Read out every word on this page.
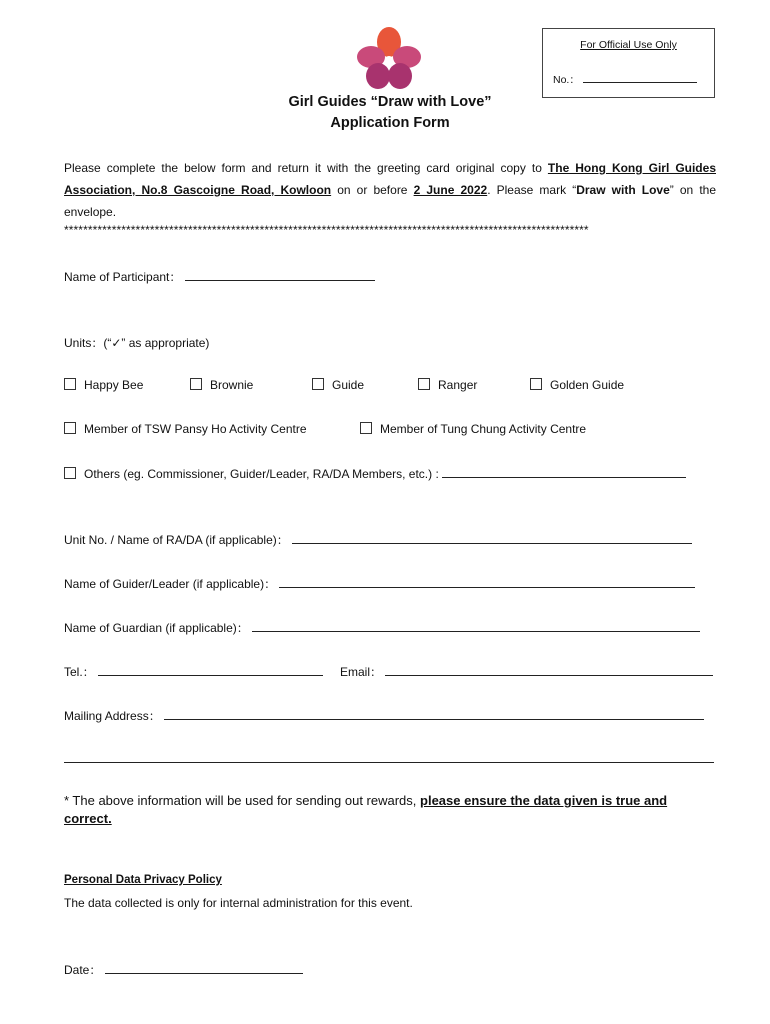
For Official Use Only
No.：
Girl Guides “Draw with Love”
Application Form
Please complete the below form and return it with the greeting card original copy to The Hong Kong Girl Guides Association, No.8 Gascoigne Road, Kowloon on or before 2 June 2022. Please mark “Draw with Love” on the envelope.
**************************************************************************************************************
Name of Participant：
Units：(“✓” as appropriate)
Happy Bee	Brownie	Guide	Ranger	Golden Guide
Member of TSW Pansy Ho Activity Centre	Member of Tung Chung Activity Centre
Others (eg. Commissioner, Guider/Leader, RA/DA Members, etc.) :
Unit No. / Name of RA/DA (if applicable)：
Name of Guider/Leader (if applicable)：
Name of Guardian (if applicable)：
Tel.：	Email：
Mailing Address：
* The above information will be used for sending out rewards, please ensure the data given is true and correct.
Personal Data Privacy Policy
The data collected is only for internal administration for this event.
Date：
